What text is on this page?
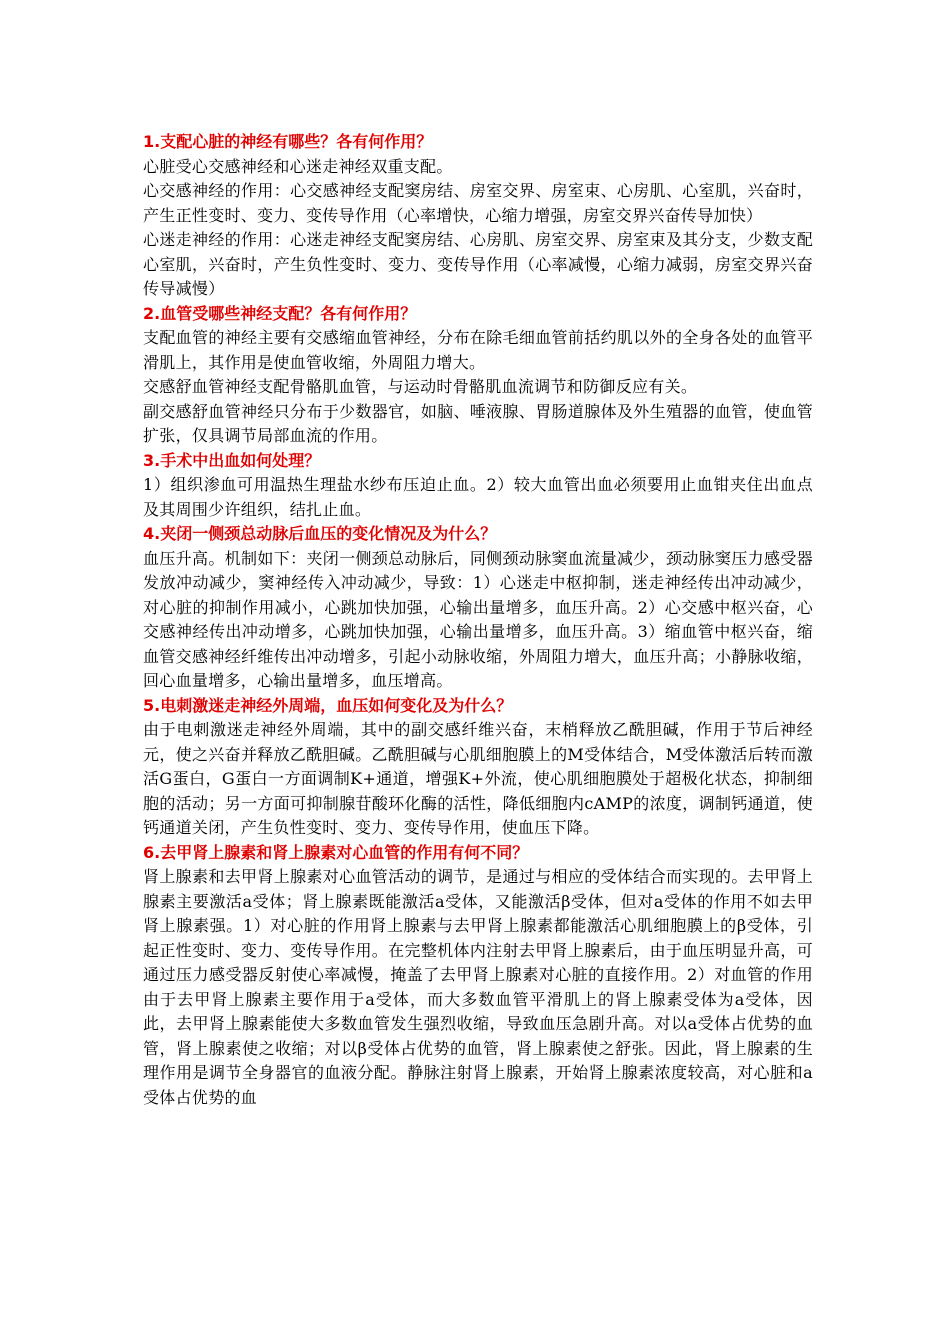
1.支配心脏的神经有哪些？各有何作用？

心脏受心交感神经和心迷走神经双重支配。

心交感神经的作用：心交感神经支配窦房结、房室交界、房室束、心房肌、心室肌，兴奋时，产生正性变时、变力、变传导作用（心率增快，心缩力增强，房室交界兴奋传导加快）

心迷走神经的作用：心迷走神经支配窦房结、心房肌、房室交界、房室束及其分支，少数支配心室肌，兴奋时，产生负性变时、变力、变传导作用（心率减慢，心缩力减弱，房室交界兴奋传导减慢）

2.血管受哪些神经支配？各有何作用？

支配血管的神经主要有交感缩血管神经，分布在除毛细血管前括约肌以外的全身各处的血管平滑肌上，其作用是使血管收缩，外周阻力增大。

交感舒血管神经支配骨骼肌血管，与运动时骨骼肌血流调节和防御反应有关。

副交感舒血管神经只分布于少数器官，如脑、唾液腺、胃肠道腺体及外生殖器的血管，使血管扩张，仅具调节局部血流的作用。

3.手术中出血如何处理？

1）组织渗血可用温热生理盐水纱布压迫止血。2）较大血管出血必须要用止血钳夹住出血点及其周围少许组织，结扎止血。

4.夹闭一侧颈总动脉后血压的变化情况及为什么？

血压升高。机制如下：夹闭一侧颈总动脉后，同侧颈动脉窦血流量减少，颈动脉窦压力感受器发放冲动减少，窦神经传入冲动减少，导致：1）心迷走中枢抑制，迷走神经传出冲动减少，对心脏的抑制作用减小，心跳加快加强，心输出量增多，血压升高。2）心交感中枢兴奋，心交感神经传出冲动增多，心跳加快加强，心输出量增多，血压升高。3）缩血管中枢兴奋，缩血管交感神经纤维传出冲动增多，引起小动脉收缩，外周阻力增大，血压升高；小静脉收缩，回心血量增多，心输出量增多，血压增高。

5.电刺激迷走神经外周端，血压如何变化及为什么？

由于电刺激迷走神经外周端，其中的副交感纤维兴奋，末梢释放乙酰胆碱，作用于节后神经元，使之兴奋并释放乙酰胆碱。乙酰胆碱与心肌细胞膜上的M受体结合，M受体激活后转而激活G蛋白，G蛋白一方面调制K+通道，增强K+外流，使心肌细胞膜处于超极化状态，抑制细胞的活动；另一方面可抑制腺苷酸环化酶的活性，降低细胞内cAMP的浓度，调制钙通道，使钙通道关闭，产生负性变时、变力、变传导作用，使血压下降。

6.去甲肾上腺素和肾上腺素对心血管的作用有何不同？

肾上腺素和去甲肾上腺素对心血管活动的调节，是通过与相应的受体结合而实现的。去甲肾上腺素主要激活a受体；肾上腺素既能激活a受体，又能激活β受体，但对a受体的作用不如去甲肾上腺素强。1）对心脏的作用肾上腺素与去甲肾上腺素都能激活心肌细胞膜上的β受体，引起正性变时、变力、变传导作用。在完整机体内注射去甲肾上腺素后，由于血压明显升高，可通过压力感受器反射使心率减慢，掩盖了去甲肾上腺素对心脏的直接作用。2）对血管的作用由于去甲肾上腺素主要作用于a受体，而大多数血管平滑肌上的肾上腺素受体为a受体，因此，去甲肾上腺素能使大多数血管发生强烈收缩，导致血压急剧升高。对以a受体占优势的血管，肾上腺素使之收缩；对以β受体占优势的血管，肾上腺素使之舒张。因此，肾上腺素的生理作用是调节全身器官的血液分配。静脉注射肾上腺素，开始肾上腺素浓度较高，对心脏和a受体占优势的血
